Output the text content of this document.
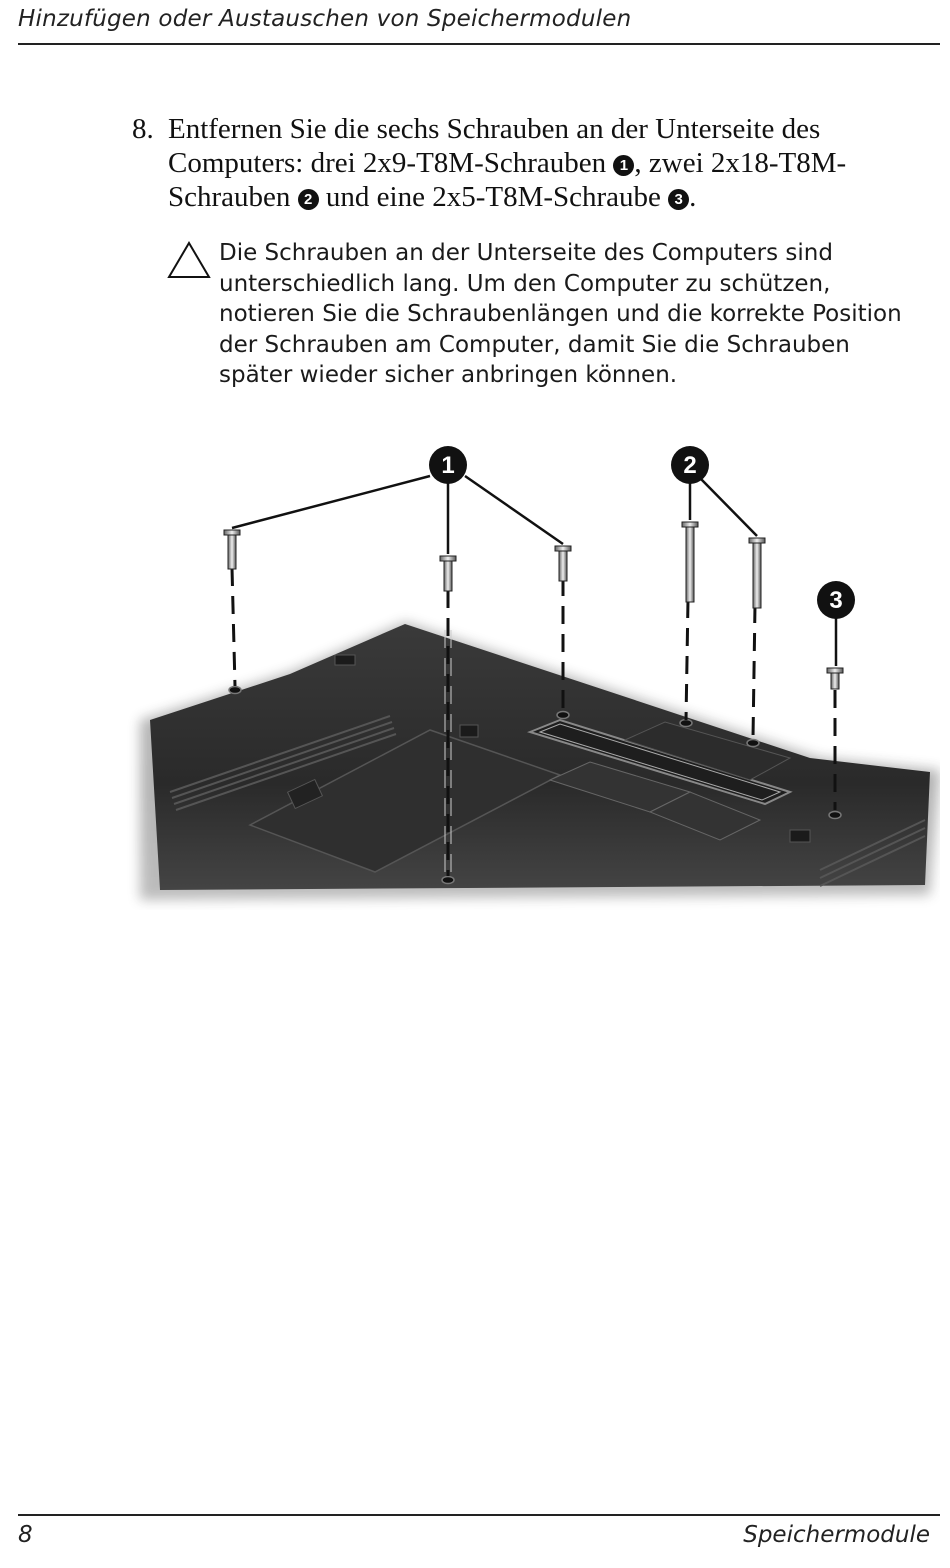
Hinzufügen oder Austauschen von Speichermodulen
8. Entfernen Sie die sechs Schrauben an der Unterseite des Computers: drei 2x9-T8M-Schrauben 1 , zwei 2x18-T8M-Schrauben 2 und eine 2x5-T8M-Schraube 3 .
Die Schrauben an der Unterseite des Computers sind unterschiedlich lang. Um den Computer zu schützen, notieren Sie die Schraubenlängen und die korrekte Position der Schrauben am Computer, damit Sie die Schrauben später wieder sicher anbringen können.
1	2
3
8	Speichermodule
